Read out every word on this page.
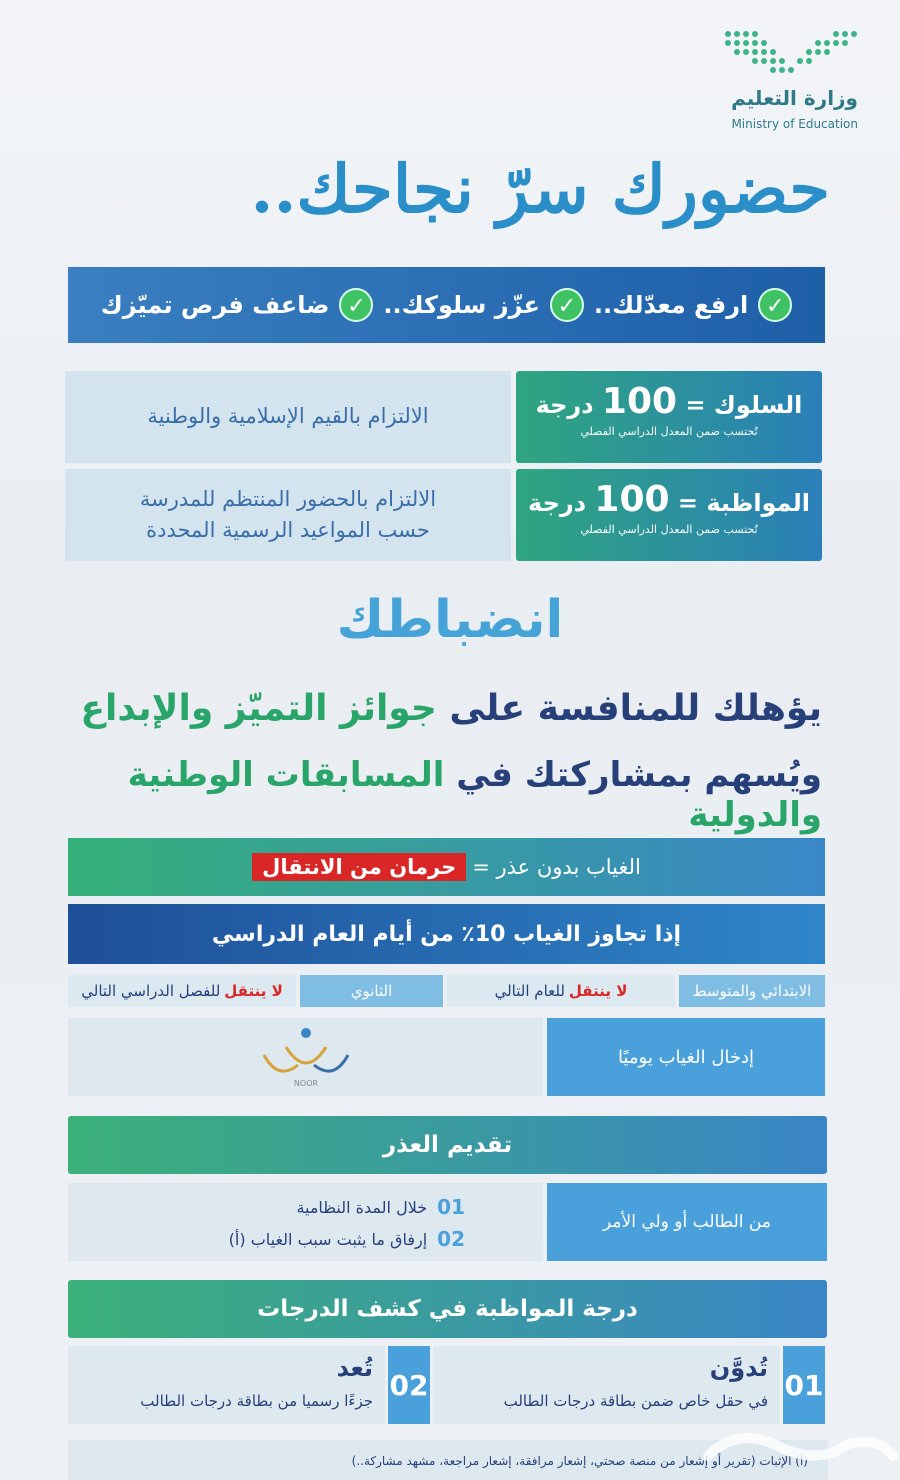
وزارة التعليم
Ministry of Education
حضورك سرّ نجاحك..
✓
ارفع معدّلك..
✓
عزّز سلوكك..
✓
ضاعف فرص تميّزك
السلوك = 100 درجة
تُحتسب ضمن المعدل الدراسي الفصلي
الالتزام بالقيم الإسلامية والوطنية
المواظبة = 100 درجة
تُحتسب ضمن المعدل الدراسي الفصلي
الالتزام بالحضور المنتظم للمدرسة
حسب المواعيد الرسمية المحددة
انضباطك
يؤهلك للمنافسة على جوائز التميّز والإبداع
ويُسهم بمشاركتك في المسابقات الوطنية والدولية
الغياب بدون عذر =
حرمان من الانتقال
إذا تجاوز الغياب 10٪ من أيام العام الدراسي
الابتدائي والمتوسط
لا ينتقل
للعام التالي
الثانوي
لا ينتقل
للفصل الدراسي التالي
NOOR
إدخال الغياب يوميًا
تقديم العذر
01
خلال المدة النظامية
02
إرفاق ما يثبت سبب الغياب (أ)
من الطالب أو ولي الأمر
درجة المواظبة في كشف الدرجات
01
تُدوَّن
في حقل خاص ضمن بطاقة درجات الطالب
02
تُعد
جزءًا رسميا من بطاقة درجات الطالب
(أ) الإثبات (تقرير أو إشعار من منصة صحتي، إشعار مرافقة، إشعار مراجعة، مشهد مشاركة..)
